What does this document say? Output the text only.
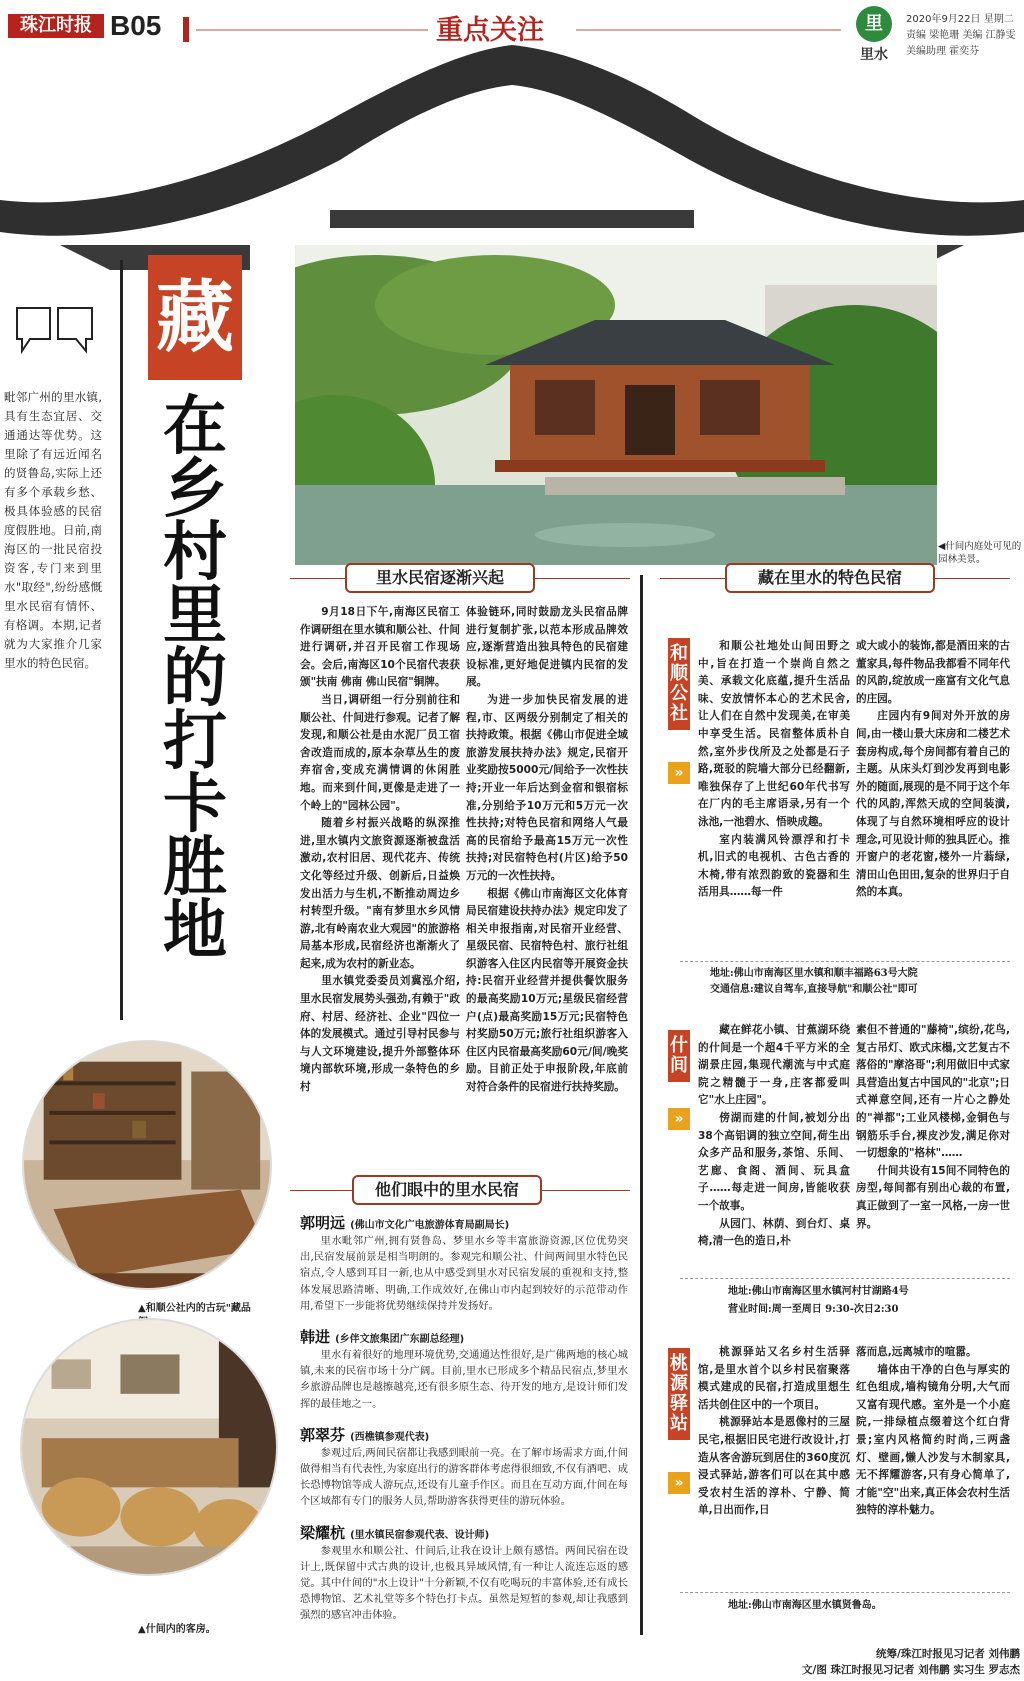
珠江时报 B05	重点关注	里
里水
2020年9月22日 星期二
责编 梁艳珊 美编 江静雯
美编助理 霍奕芬
藏
在乡村里的打卡胜地
毗邻广州的里水镇,具有生态宜居、交通通达等优势。这里除了有远近闻名的贤鲁岛,实际上还有多个承载乡愁、极具体验感的民宿度假胜地。日前,南海区的一批民宿投资客,专门来到里水"取经",纷纷感慨里水民宿有情怀、有格调。本期,记者就为大家推介几家里水的特色民宿。
◀什间内庭处可见的园林美景。
▲和顺公社内的古玩"藏品
▲什间内的客房。
里水民宿逐渐兴起

9月18日下午,南海区民宿工作调研组在里水镇和顺公社、什间进行调研,并召开民宿工作现场会。会后,南海区10个民宿代表获颁"扶南 佛南 佛山民宿"铜牌。

当日,调研组一行分别前往和顺公社、什间进行参观。记者了解发现,和顺公社是由水泥厂员工宿舍改造而成的,原本杂草丛生的废弃宿舍,变成充满情调的休闲胜地。而来到什间,更像是走进了一个岭上的"园林公园"。

随着乡村振兴战略的纵深推进,里水镇内文旅资源逐渐被盘活激动,农村旧居、现代花卉、传统文化等经过升级、创新后,日益焕发出活力与生机,不断推动周边乡村转型升级。"南有梦里水乡风情游,北有岭南农业大观园"的旅游格局基本形成,民宿经济也渐渐火了起来,成为农村的新业态。

里水镇党委委员刘冀泓介绍,里水民宿发展势头强劲,有赖于"政府、村居、经济社、企业"四位一体的发展模式。通过引导村民参与与人文环境建设,提升外部整体环境内部软环境,形成一条特色的乡村

体验链环,同时鼓励龙头民宿品牌进行复制扩张,以范本形成品牌效应,逐渐营造出独具特色的民宿建设标准,更好地促进镇内民宿的发展。

为进一步加快民宿发展的进程,市、区两级分别制定了相关的扶持政策。根据《佛山市促进全域旅游发展扶持办法》规定,民宿开业奖励按5000元/间给予一次性扶持;开业一年后达到金宿和银宿标准,分别给予10万元和5万元一次性扶持;对特色民宿和网络人气最高的民宿给予最高15万元一次性扶持;对民宿特色村(片区)给予50万元的一次性扶持。

根据《佛山市南海区文化体育局民宿建设扶持办法》规定印发了相关申报指南,对民宿开业经营、星级民宿、民宿特色村、旅行社组织游客入住区内民宿等开展资金扶持:民宿开业经营并提供餐饮服务的最高奖励10万元;星级民宿经营户(点)最高奖励15万元;民宿特色村奖励50万元;旅行社组织游客入住区内民宿最高奖励60元/间/晚奖励。目前正处于申报阶段,年底前对符合条件的民宿进行扶持奖励。

他们眼中的里水民宿
郭明远 (佛山市文化广电旅游体育局副局长)
里水毗邻广州,拥有贤鲁岛、梦里水乡等丰富旅游资源,区位优势突出,民宿发展前景是相当明朗的。参观完和顺公社、什间两间里水特色民宿点,令人感到耳目一新,也从中感受到里水对民宿发展的重视和支持,整体发展思路清晰、明确,工作成效好,在佛山市内起到较好的示范带动作用,希望下一步能将优势继续保持并发扬好。
韩进 (乡伴文旅集团广东副总经理)
里水有着很好的地理环境优势,交通通达性很好,是广佛两地的核心城镇,未来的民宿市场十分广阔。目前,里水已形成多个精品民宿点,梦里水乡旅游品牌也是越擦越亮,还有很多原生态、待开发的地方,是设计师们发挥的最佳地之一。
郭翠芬 (西樵镇参观代表)
参观过后,两间民宿都让我感到眼前一亮。在了解市场需求方面,什间做得相当有代表性,为家庭出行的游客群体考虑得很细致,不仅有酒吧、成长恐博物馆等成人游玩点,还设有儿童手作区。而且在互动方面,什间在每个区域都有专门的服务人员,帮助游客获得更佳的游玩体验。
梁耀杭 (里水镇民宿参观代表、设计师)
参观里水和顺公社、什间后,让我在设计上颇有感悟。两间民宿在设计上,既保留中式古典的设计,也极具异域风情,有一种让人流连忘返的感觉。其中什间的"水上设计"十分新颖,不仅有吃喝玩的丰富体验,还有成长恐博物馆、艺术礼堂等多个特色打卡点。虽然是短暂的参观,却让我感到强烈的感官冲击体验。
藏在里水的特色民宿
和顺公社
»

和顺公社地处山间田野之中,旨在打造一个崇尚自然之美、承载文化底蕴,提升生活品味、安放情怀本心的艺术民舍,让人们在自然中发现美,在审美中享受生活。民宿整体质朴自然,室外步伐所及之处都是石子路,斑驳的院墙大部分已经翻新,唯独保存了上世纪60年代书写在厂内的毛主席语录,另有一个泳池,一池碧水、悟映成趣。

室内装满风铃漂浮和打卡机,旧式的电视机、古色古香的木椅,带有浓烈韵致的瓷器和生活用具……每一件

或大或小的装饰,都是酒田来的古董家具,每件物品我都看不同年代的风韵,绽放成一座富有文化气息的庄园。

庄园内有9间对外开放的房间,由一楼山景大床房和二楼艺术套房构成,每个房间都有着自己的主题。从床头灯到沙发再到电影外的随面,展现的是不同于这个年代的风韵,浑然天成的空间装潢,体现了与自然环境相呼应的设计理念,可见设计师的独具匠心。推开窗户的老花窗,楼外一片蓊绿,清田山色田田,复杂的世界归于自然的本真。

地址:佛山市南海区里水镇和顺丰福路63号大院
交通信息:建议自驾车,直接导航"和顺公社"即可
什间
»

藏在鲜花小镇、甘蕉湖环绕的什间是一个超4千平方米的全湖景庄园,集现代潮流与中式庭院之精髓于一身,庄客都爱叫它"水上庄园"。

傍湖而建的什间,被划分出38个高铝调的独立空间,荷生出众多产品和服务,茶馆、乐间、艺廊、食阁、酒间、玩具盒子……每走进一间房,皆能收获一个故事。

从园门、林荫、到台灯、桌椅,清一色的造日,朴

素但不普通的"藤椅",缤纷,花鸟,复古吊灯、欧式床榻,文艺复古不落俗的"摩洛哥";利用做旧中式家具营造出复古中国风的"北京";日式禅意空间,还有一片心之静处的"禅都";工业风楼梯,金铜色与钢筋乐手台,裸皮沙发,满足你对一切想象的"格林"……

什间共设有15间不同特色的房型,每间都有别出心裁的布置,真正做到了一室一风格,一房一世界。

地址:佛山市南海区里水镇河村甘湖路4号
营业时间:周一至周日 9:30-次日2:30
桃源驿站
»

桃源驿站又名乡村生活驿馆,是里水首个以乡村民宿聚落模式建成的民宿,打造成里想生活共创住区中的一个项目。

桃源驿站本是恩像村的三屋民宅,根据旧民宅进行改设计,打造从客舍游玩到居住的360度沉浸式驿站,游客们可以在其中感受农村生活的淳朴、宁静、简单,日出而作,日

落而息,远离城市的喧嚣。

墙体由干净的白色与厚实的红色组成,墙构镜角分明,大气而又富有现代感。室外是一个小庭院,一排绿植点缀着这个红白背景;室内风格简约时尚,三两盏灯、壁画,懒人沙发与木制家具,无不挥耀游客,只有身心简单了,才能"空"出来,真正体会农村生活独特的淳朴魅力。

地址:佛山市南海区里水镇贤鲁岛。
统筹/珠江时报见习记者 刘伟鹏
文/图 珠江时报见习记者 刘伟鹏 实习生 罗志杰
